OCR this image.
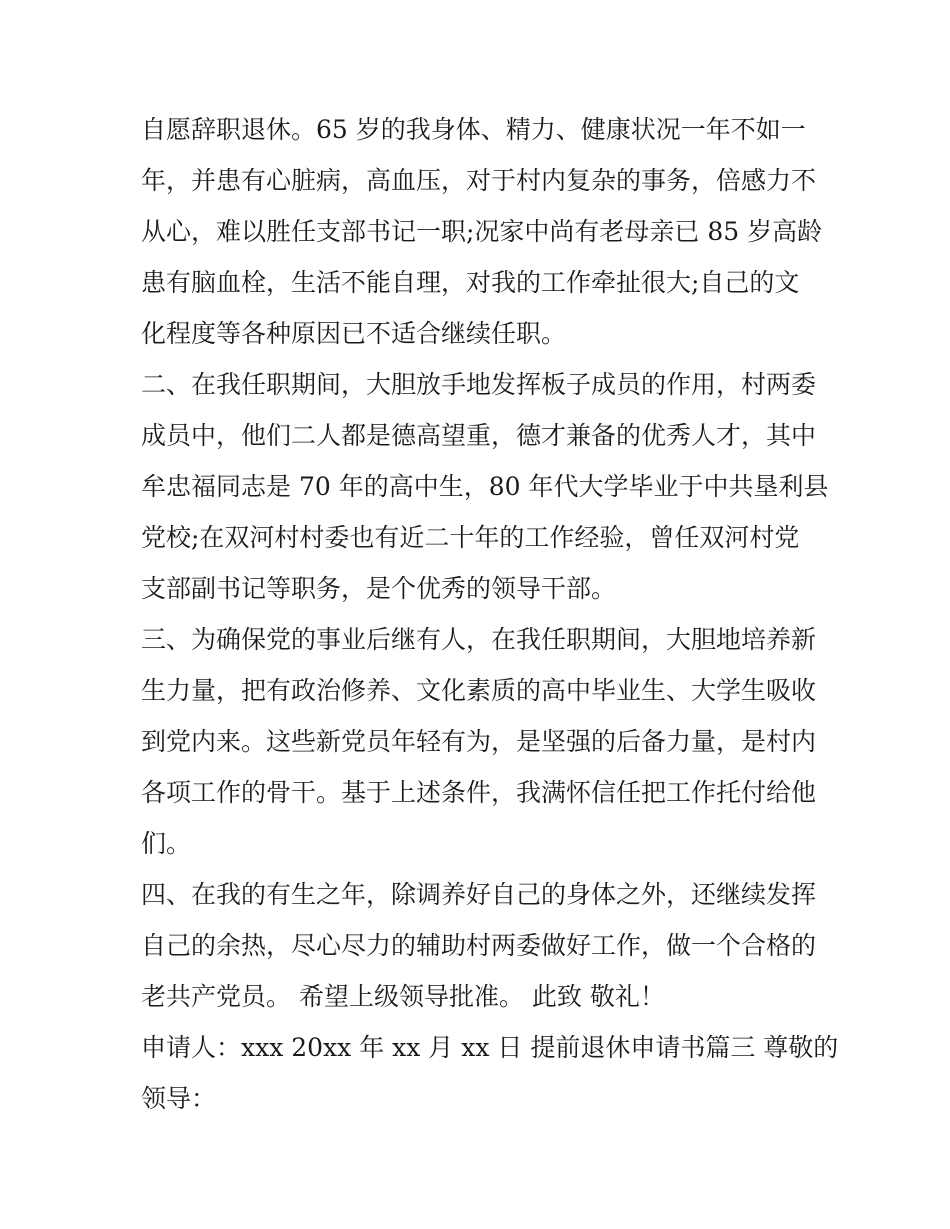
自愿辞职退休。65 岁的我身体、精力、健康状况一年不如一
年，并患有心脏病，高血压，对于村内复杂的事务，倍感力不
从心，难以胜任支部书记一职;况家中尚有老母亲已 85 岁高龄
患有脑血栓，生活不能自理，对我的工作牵扯很大;自己的文
化程度等各种原因已不适合继续任职。
二、在我任职期间，大胆放手地发挥板子成员的作用，村两委
成员中，他们二人都是德高望重，德才兼备的优秀人才，其中
牟忠福同志是 70 年的高中生，80 年代大学毕业于中共垦利县
党校;在双河村村委也有近二十年的工作经验，曾任双河村党
支部副书记等职务，是个优秀的领导干部。
三、为确保党的事业后继有人，在我任职期间，大胆地培养新
生力量，把有政治修养、文化素质的高中毕业生、大学生吸收
到党内来。这些新党员年轻有为，是坚强的后备力量，是村内
各项工作的骨干。基于上述条件，我满怀信任把工作托付给他
们。
四、在我的有生之年，除调养好自己的身体之外，还继续发挥
自己的余热，尽心尽力的辅助村两委做好工作，做一个合格的
老共产党员。 希望上级领导批准。 此致 敬礼！
申请人：xxx 20xx 年 xx 月 xx 日 提前退休申请书篇三 尊敬的
领导：
